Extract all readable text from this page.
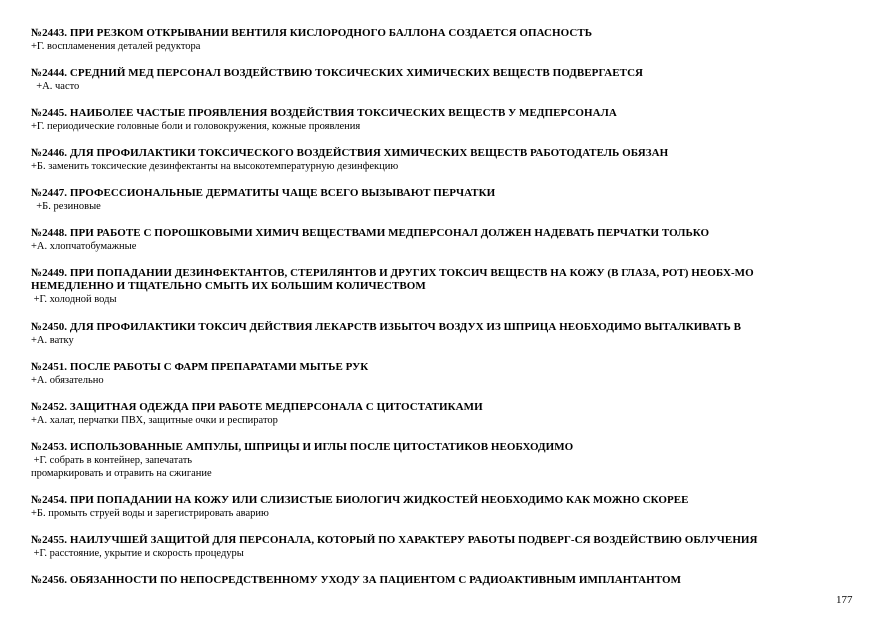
№2443. ПРИ РЕЗКОМ ОТКРЫВАНИИ ВЕНТИЛЯ КИСЛОРОДНОГО БАЛЛОНА СОЗДАЕТСЯ ОПАСНОСТЬ
+Г. воспламенения деталей редуктора
№2444. СРЕДНИЙ МЕД ПЕРСОНАЛ ВОЗДЕЙСТВИЮ ТОКСИЧЕСКИХ ХИМИЧЕСКИХ ВЕЩЕСТВ ПОДВЕРГАЕТСЯ
+А. часто
№2445. НАИБОЛЕЕ ЧАСТЫЕ ПРОЯВЛЕНИЯ ВОЗДЕЙСТВИЯ ТОКСИЧЕСКИХ ВЕЩЕСТВ У МЕДПЕРСОНАЛА
+Г. периодические головные боли и головокружения, кожные проявления
№2446. ДЛЯ ПРОФИЛАКТИКИ ТОКСИЧЕСКОГО ВОЗДЕЙСТВИЯ ХИМИЧЕСКИХ ВЕЩЕСТВ РАБОТОДАТЕЛЬ ОБЯЗАН
+Б. заменить токсические дезинфектанты на высокотемпературную дезинфекцию
№2447. ПРОФЕССИОНАЛЬНЫЕ ДЕРМАТИТЫ ЧАЩЕ ВСЕГО ВЫЗЫВАЮТ ПЕРЧАТКИ
+Б. резиновые
№2448. ПРИ РАБОТЕ С ПОРОШКОВЫМИ ХИМИЧ ВЕЩЕСТВАМИ МЕДПЕРСОНАЛ ДОЛЖЕН НАДЕВАТЬ ПЕРЧАТКИ ТОЛЬКО
+А. хлопчатобумажные
№2449. ПРИ ПОПАДАНИИ ДЕЗИНФЕКТАНТОВ, СТЕРИЛЯНТОВ И ДРУГИХ ТОКСИЧ ВЕЩЕСТВ НА КОЖУ (В ГЛАЗА, РОТ) НЕОБХ-МО
НЕМЕДЛЕННО И ТЩАТЕЛЬНО СМЫТЬ ИХ БОЛЬШИМ КОЛИЧЕСТВОМ
+Г. холодной воды
№2450. ДЛЯ ПРОФИЛАКТИКИ ТОКСИЧ ДЕЙСТВИЯ ЛЕКАРСТВ ИЗБЫТОЧ ВОЗДУХ ИЗ ШПРИЦА НЕОБХОДИМО ВЫТАЛКИВАТЬ В
+А. ватку
№2451. ПОСЛЕ РАБОТЫ С ФАРМ ПРЕПАРАТАМИ МЫТЬЕ РУК
+А. обязательно
№2452. ЗАЩИТНАЯ ОДЕЖДА ПРИ РАБОТЕ МЕДПЕРСОНАЛА С ЦИТОСТАТИКАМИ
+А. халат, перчатки ПВХ, защитные очки и респиратор
№2453. ИСПОЛЬЗОВАННЫЕ АМПУЛЫ, ШПРИЦЫ И ИГЛЫ ПОСЛЕ ЦИТОСТАТИКОВ НЕОБХОДИМО
+Г. собрать в контейнер, запечатать
промаркировать и отравить на сжигание
№2454. ПРИ ПОПАДАНИИ НА КОЖУ ИЛИ СЛИЗИСТЫЕ БИОЛОГИЧ ЖИДКОСТЕЙ НЕОБХОДИМО КАК МОЖНО СКОРЕЕ
+Б. промыть струей воды и зарегистрировать аварию
№2455. НАИЛУЧШЕЙ ЗАЩИТОЙ ДЛЯ ПЕРСОНАЛА, КОТОРЫЙ ПО ХАРАКТЕРУ РАБОТЫ ПОДВЕРГ-СЯ ВОЗДЕЙСТВИЮ ОБЛУЧЕНИЯ
+Г. расстояние, укрытие и скорость процедуры
№2456. ОБЯЗАННОСТИ ПО НЕПОСРЕДСТВЕННОМУ УХОДУ ЗА ПАЦИЕНТОМ С РАДИОАКТИВНЫМ ИМПЛАНТАНТОМ
177
